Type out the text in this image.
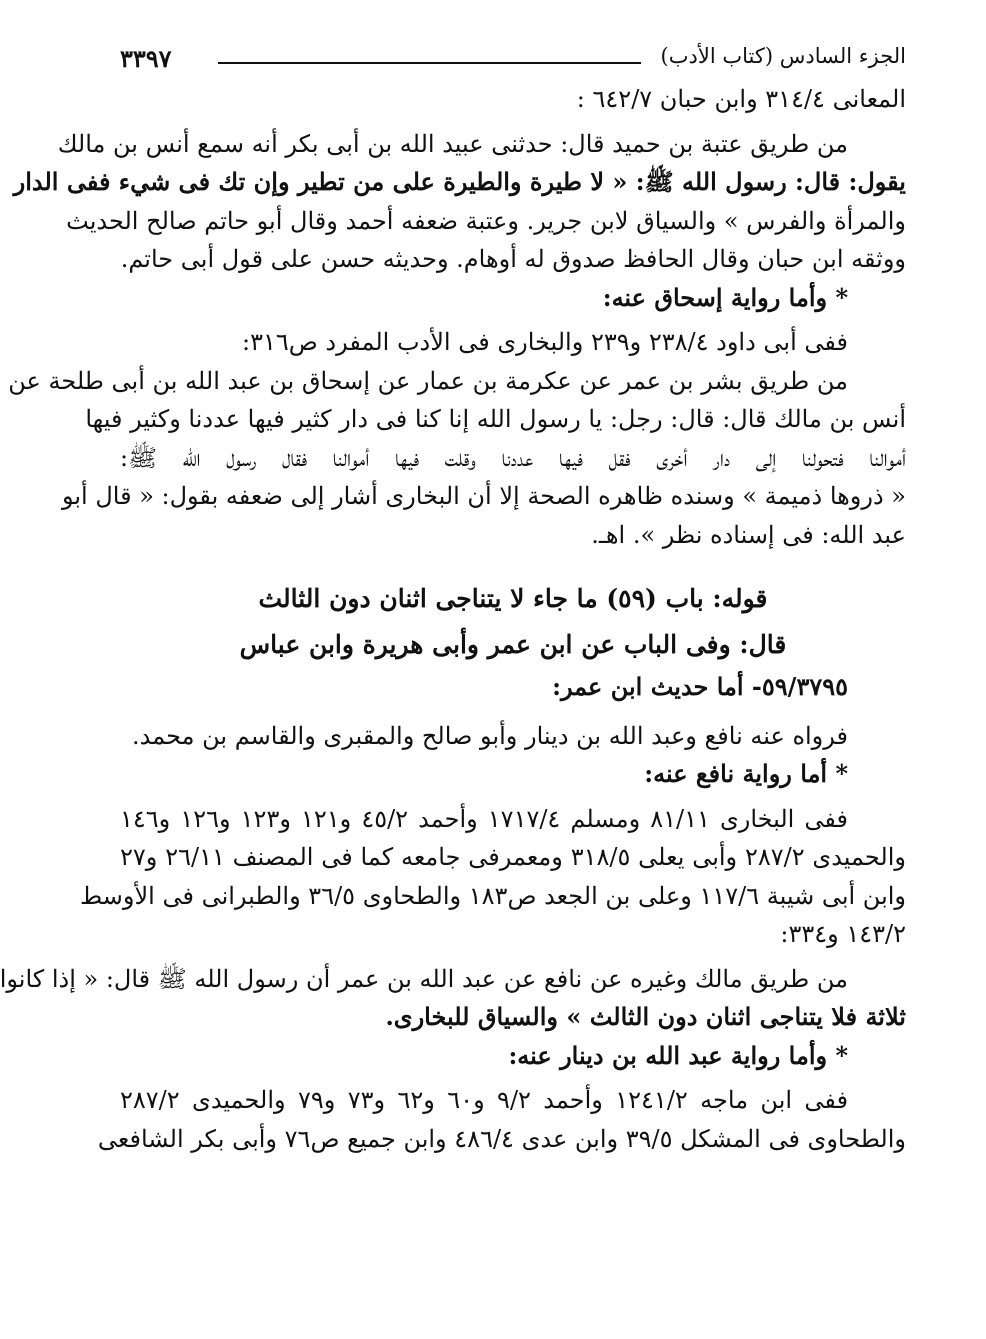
الجزء السادس (كتاب الأدب)
٣٣٩٧

المعانى ٣١٤/٤ وابن حبان ٦٤٢/٧ :

من طريق عتبة بن حميد قال: حدثنى عبيد الله بن أبى بكر أنه سمع أنس بن مالك

يقول: قال: رسول الله ﷺ: « لا طيرة والطيرة على من تطير وإن تك فى شيء ففى الدار

والمرأة والفرس » والسياق لابن جرير. وعتبة ضعفه أحمد وقال أبو حاتم صالح الحديث

ووثقه ابن حبان وقال الحافظ صدوق له أوهام. وحديثه حسن على قول أبى حاتم.

* وأما رواية إسحاق عنه:

ففى أبى داود ٢٣٨/٤ و٢٣٩ والبخارى فى الأدب المفرد ص٣١٦:

من طريق بشر بن عمر عن عكرمة بن عمار عن إسحاق بن عبد الله بن أبى طلحة عن

أنس بن مالك قال: قال: رجل: يا رسول الله إنا كنا فى دار كثير فيها عددنا وكثير فيها

أموالنا فتحولنا إلى دار أخرى فقل فيها عددنا وقلت فيها أموالنا فقال رسول الله ﷺ:

« ذروها ذميمة » وسنده ظاهره الصحة إلا أن البخارى أشار إلى ضعفه بقول: « قال أبو

عبد الله: فى إسناده نظر ». اهـ.

قوله: باب (٥٩) ما جاء لا يتناجى اثنان دون الثالث

قال: وفى الباب عن ابن عمر وأبى هريرة وابن عباس

٥٩/٣٧٩٥- أما حديث ابن عمر:

فرواه عنه نافع وعبد الله بن دينار وأبو صالح والمقبرى والقاسم بن محمد.

* أما رواية نافع عنه:

ففى البخارى ٨١/١١ ومسلم ١٧١٧/٤ وأحمد ٤٥/٢ و١٢١ و١٢٣ و١٢٦ و١٤٦

والحميدى ٢٨٧/٢ وأبى يعلى ٣١٨/٥ ومعمرفى جامعه كما فى المصنف ٢٦/١١ و٢٧

وابن أبى شيبة ١١٧/٦ وعلى بن الجعد ص١٨٣ والطحاوى ٣٦/٥ والطبرانى فى الأوسط

١٤٣/٢ و٣٣٤:

من طريق مالك وغيره عن نافع عن عبد الله بن عمر أن رسول الله ﷺ قال: « إذا كانوا

ثلاثة فلا يتناجى اثنان دون الثالث » والسياق للبخارى.

* وأما رواية عبد الله بن دينار عنه:

ففى ابن ماجه ١٢٤١/٢ وأحمد ٩/٢ و٦٠ و٦٢ و٧٣ و٧٩ والحميدى ٢٨٧/٢

والطحاوى فى المشكل ٣٩/٥ وابن عدى ٤٨٦/٤ وابن جميع ص٧٦ وأبى بكر الشافعى
